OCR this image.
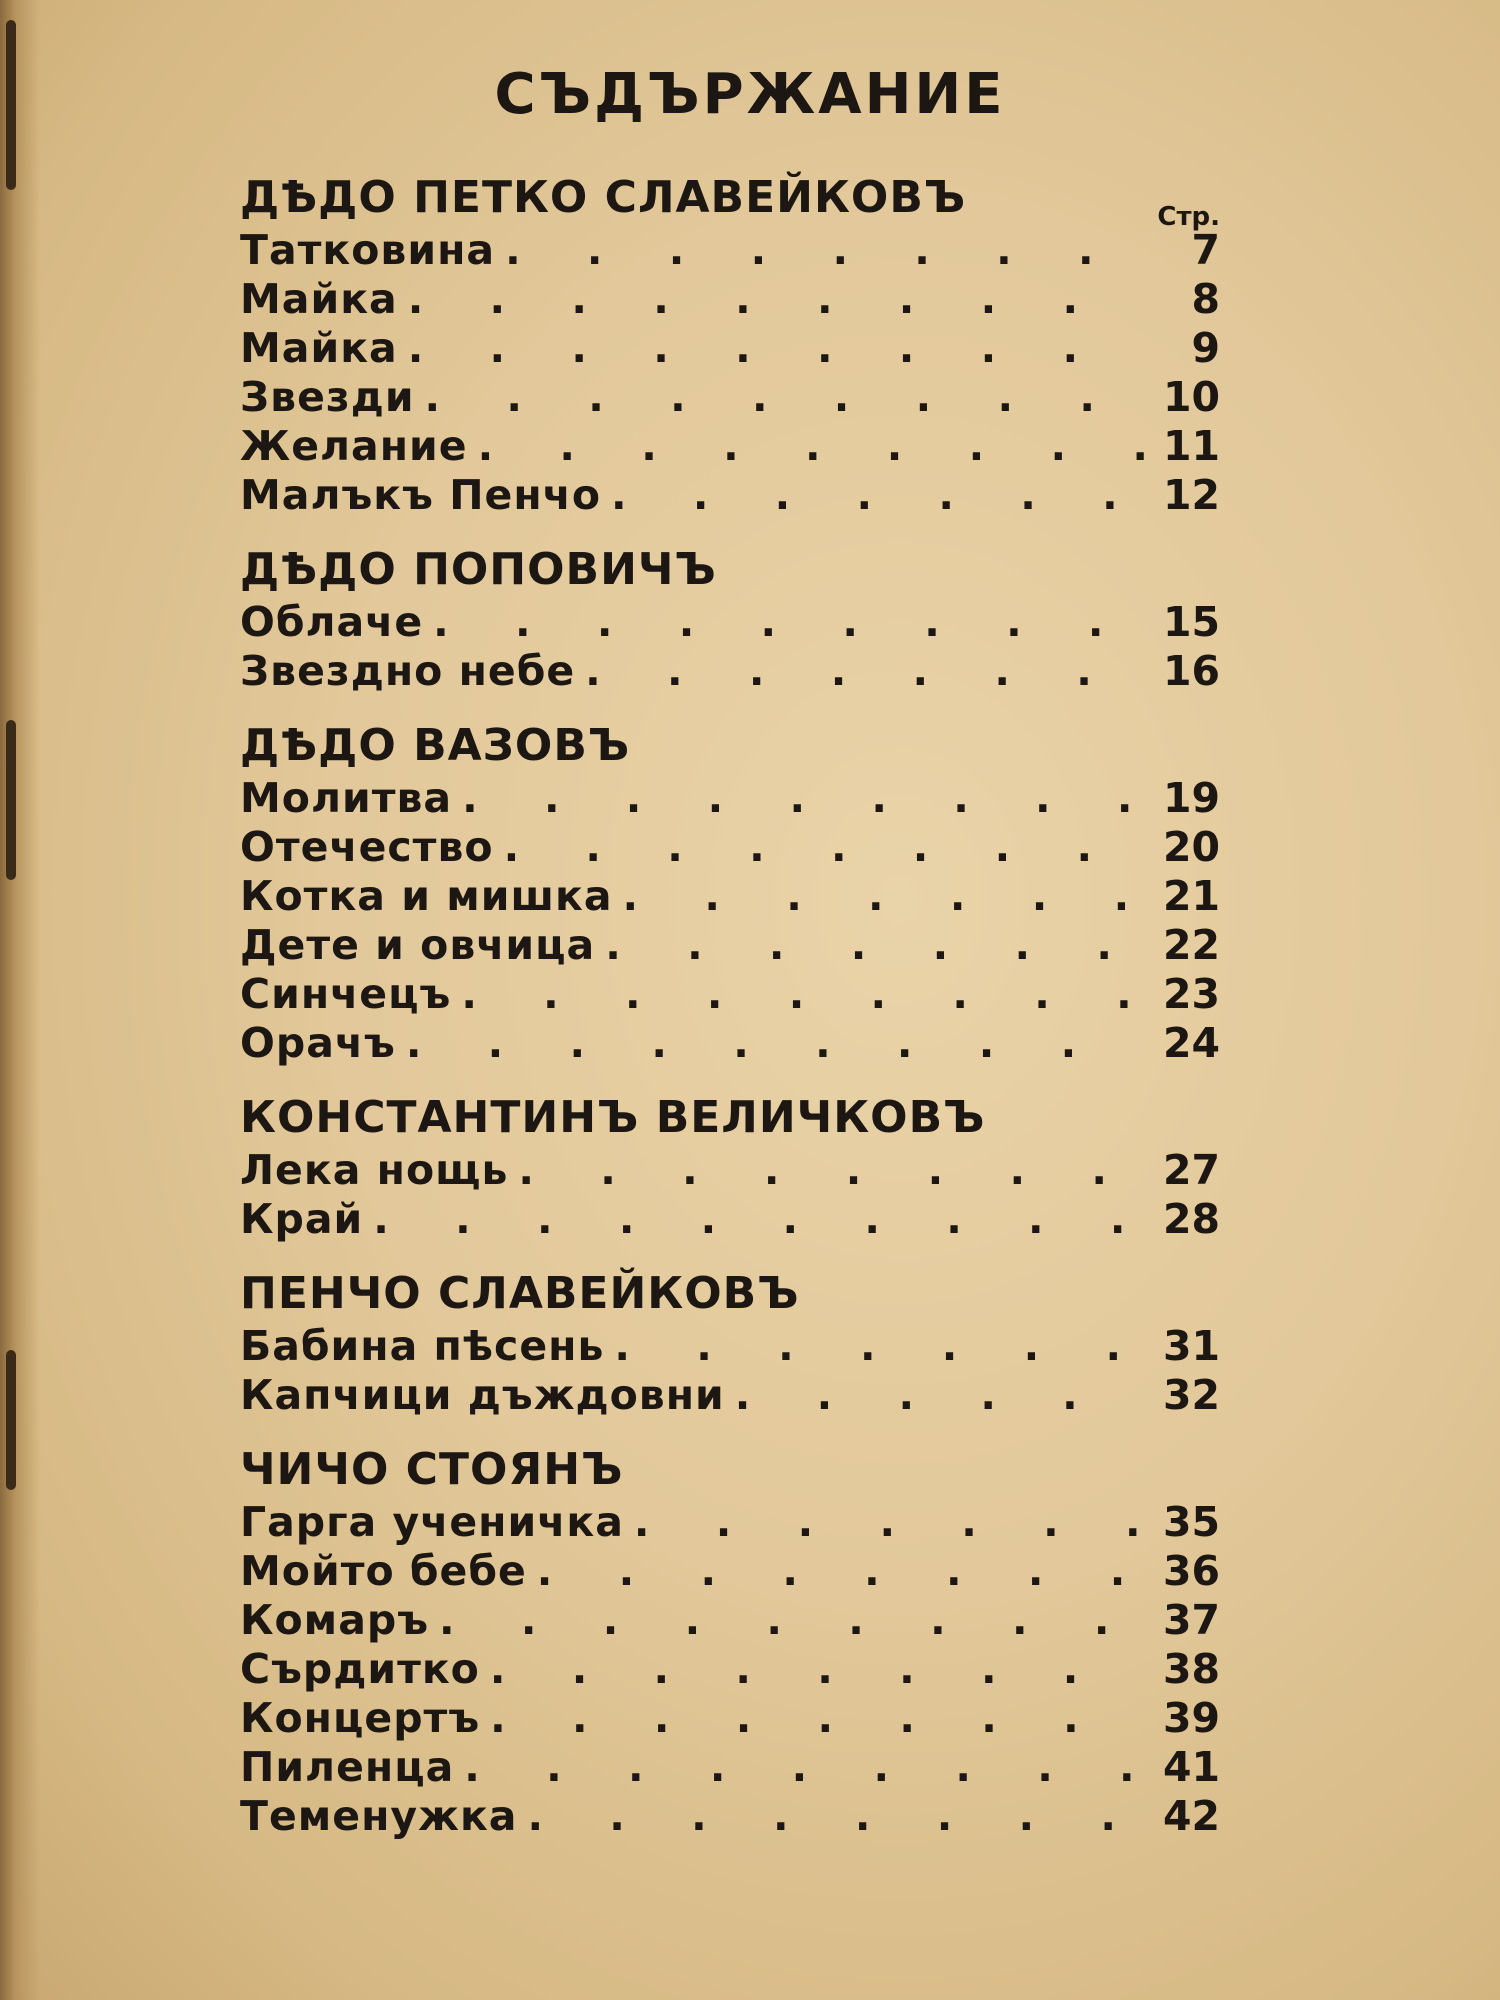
СЪДЪРЖАНИЕ
ДѢДО ПЕТКО СЛАВЕЙКОВЪ	Стр.
Татковина . . .	7
Майка . . .	8
Майка . . .	9
Звезди . . .	10
Желание . . .	11
Малъкъ Пенчо . . .	12
ДѢДО ПОПОВИЧЪ
Облаче . . .	15
Звездно небе . . .	16
ДѢДО ВАЗОВЪ
Молитва . . .	19
Отечество . . .	20
Котка и мишка . . .	21
Дете и овчица . . .	22
Синчецъ . . .	23
Орачъ . . .	24
КОНСТАНТИНЪ ВЕЛИЧКОВЪ
Лека нощь . . .	27
Край . . .	28
ПЕНЧО СЛАВЕЙКОВЪ
Бабина пѣсень . . .	31
Капчици дъждовни . . .	32
ЧИЧО СТОЯНЪ
Гарга ученичка . . .	35
Мойто бебе . . .	36
Комаръ . . .	37
Сърдитко . . .	38
Концертъ . . .	39
Пиленца . . .	41
Теменужка . . .	42
